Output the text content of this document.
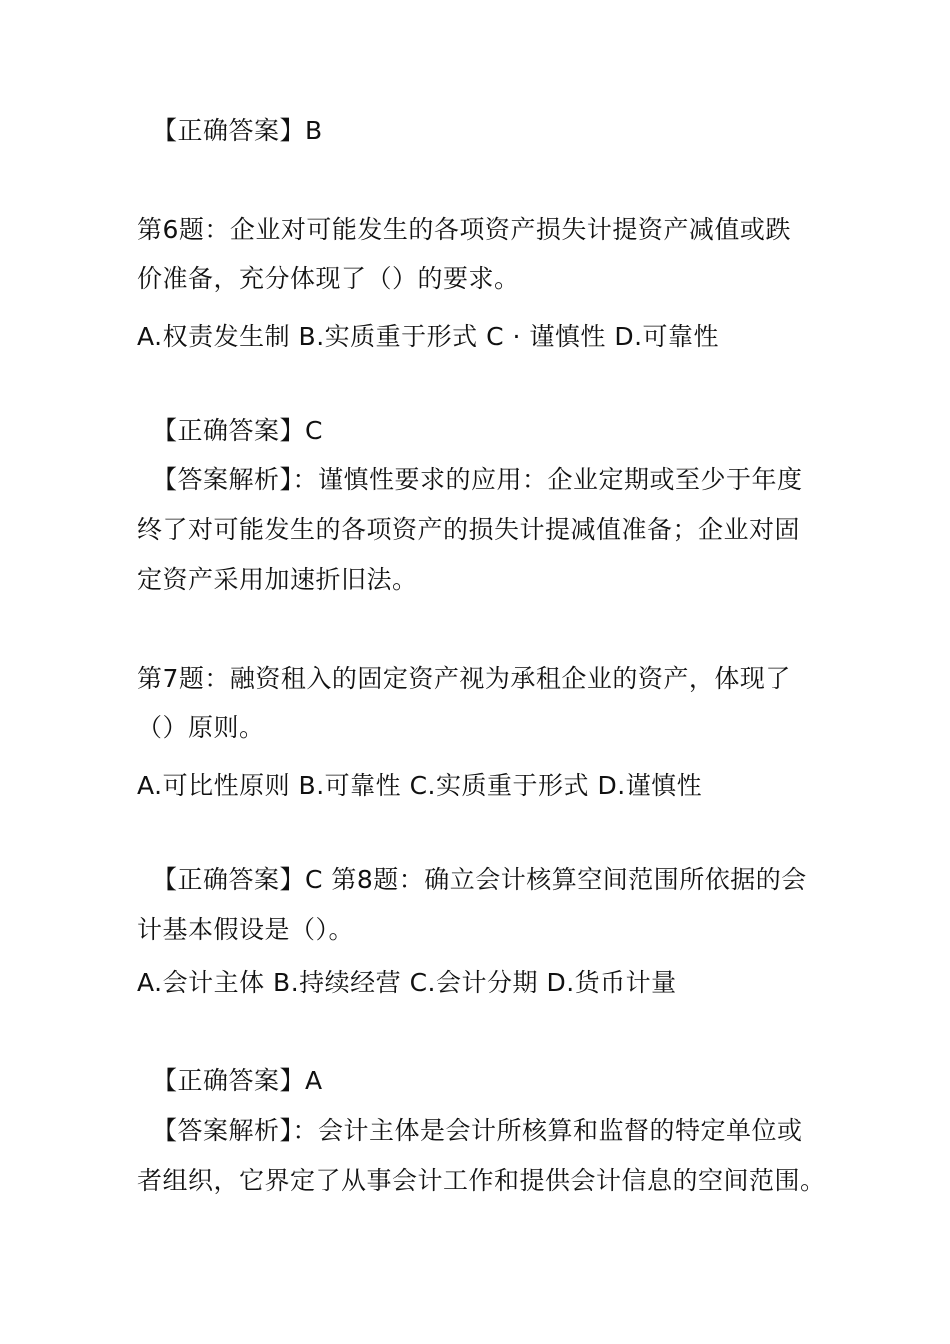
【正确答案】B
第6题：企业对可能发生的各项资产损失计提资产减值或跌
价准备，充分体现了（）的要求。
A.权责发生制 B.实质重于形式 C · 谨慎性 D.可靠性
【正确答案】C
【答案解析】：谨慎性要求的应用：企业定期或至少于年度
终了对可能发生的各项资产的损失计提减值准备；企业对固
定资产采用加速折旧法。
第7题：融资租入的固定资产视为承租企业的资产，体现了
（）原则。
A.可比性原则 B.可靠性 C.实质重于形式 D.谨慎性
【正确答案】C 第8题：确立会计核算空间范围所依据的会
计基本假设是（）。
A.会计主体 B.持续经营 C.会计分期 D.货币计量
【正确答案】A
【答案解析】：会计主体是会计所核算和监督的特定单位或
者组织，它界定了从事会计工作和提供会计信息的空间范围。
